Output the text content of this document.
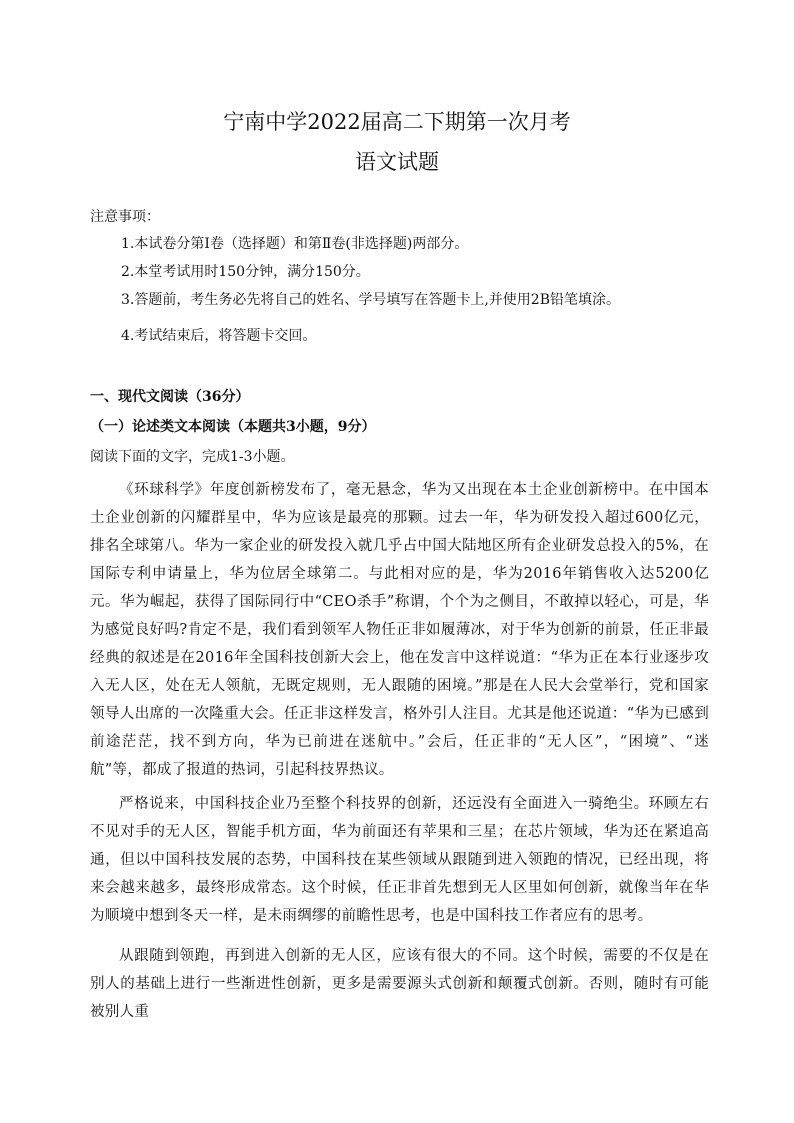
宁南中学2022届高二下期第一次月考
语文试题
注意事项：
1.本试卷分第Ⅰ卷（选择题）和第Ⅱ卷(非选择题)两部分。
2.本堂考试用时150分钟，满分150分。
3.答题前，考生务必先将自己的姓名、学号填写在答题卡上,并使用2B铅笔填涂。
4.考试结束后，将答题卡交回。
一、现代文阅读（36分）
（一）论述类文本阅读（本题共3小题，9分）
阅读下面的文字，完成1-3小题。

《环球科学》年度创新榜发布了，毫无悬念，华为又出现在本土企业创新榜中。在中国本土企业创新的闪耀群星中，华为应该是最亮的那颗。过去一年，华为研发投入超过600亿元，排名全球第八。华为一家企业的研发投入就几乎占中国大陆地区所有企业研发总投入的5%，在国际专利申请量上，华为位居全球第二。与此相对应的是，华为2016年销售收入达5200亿元。华为崛起，获得了国际同行中“CEO杀手”称谓，个个为之侧目，不敢掉以轻心，可是，华为感觉良好吗?肯定不是，我们看到领军人物任正非如履薄冰，对于华为创新的前景，任正非最经典的叙述是在2016年全国科技创新大会上，他在发言中这样说道：“华为正在本行业逐步攻入无人区，处在无人领航，无既定规则，无人跟随的困境。”那是在人民大会堂举行，党和国家领导人出席的一次隆重大会。任正非这样发言，格外引人注目。尤其是他还说道：“华为已感到前途茫茫，找不到方向，华为已前进在迷航中。”会后，任正非的“无人区”，“困境”、“迷航”等，都成了报道的热词，引起科技界热议。

严格说来，中国科技企业乃至整个科技界的创新，还远没有全面进入一骑绝尘。环顾左右不见对手的无人区，智能手机方面，华为前面还有苹果和三星；在芯片领域，华为还在紧追高通，但以中国科技发展的态势，中国科技在某些领域从跟随到进入领跑的情况，已经出现，将来会越来越多，最终形成常态。这个时候，任正非首先想到无人区里如何创新，就像当年在华为顺境中想到冬天一样，是未雨绸缪的前瞻性思考，也是中国科技工作者应有的思考。

从跟随到领跑，再到进入创新的无人区，应该有很大的不同。这个时候，需要的不仅是在别人的基础上进行一些渐进性创新，更多是需要源头式创新和颠覆式创新。否则，随时有可能被别人重
